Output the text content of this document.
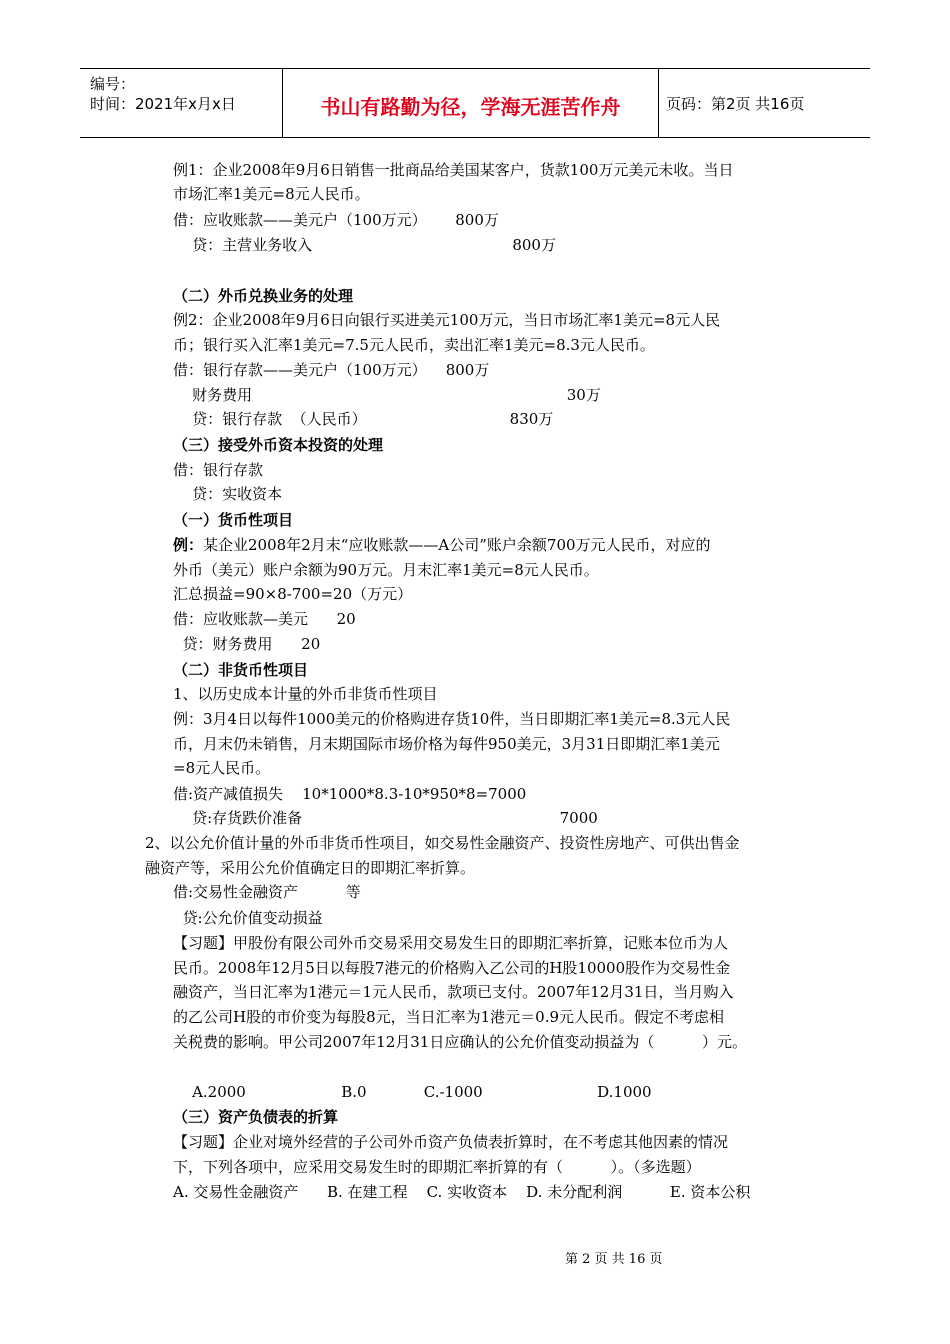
编号：
时间：2021年x月x日	书山有路勤为径，学海无涯苦作舟	页码：第2页 共16页
例1：企业2008年9月6日销售一批商品给美国某客户，货款100万元美元未收。当日
市场汇率1美元=8元人民币。
借：应收账款——美元户（100万元）      800万
贷：主营业务收入                                          800万
（二）外币兑换业务的处理
例2：企业2008年9月6日向银行买进美元100万元，当日市场汇率1美元=8元人民
币；银行买入汇率1美元=7.5元人民币，卖出汇率1美元=8.3元人民币。
借：银行存款——美元户（100万元）    800万
财务费用                                                                  30万
贷：银行存款  （人民币）                              830万
（三）接受外币资本投资的处理
借：银行存款
贷：实收资本
（一）货币性项目
例：某企业2008年2月末“应收账款——A公司”账户余额700万元人民币，对应的
外币（美元）账户余额为90万元。月末汇率1美元=8元人民币。
汇总损益=90×8-700=20（万元）
借：应收账款—美元      20
贷：财务费用      20
（二）非货币性项目
1、以历史成本计量的外币非货币性项目
例：3月4日以每件1000美元的价格购进存货10件，当日即期汇率1美元=8.3元人民
币，月末仍未销售，月末期国际市场价格为每件950美元，3月31日即期汇率1美元
=8元人民币。
借:资产减值损失    10*1000*8.3-10*950*8=7000
贷:存货跌价准备                                                      7000
2、以公允价值计量的外币非货币性项目，如交易性金融资产、投资性房地产、可供出售金
融资产等，采用公允价值确定日的即期汇率折算。
借:交易性金融资产          等
贷:公允价值变动损益
【习题】甲股份有限公司外币交易采用交易发生日的即期汇率折算，记账本位币为人
民币。2008年12月5日以每股7港元的价格购入乙公司的H股10000股作为交易性金
融资产，当日汇率为1港元＝1元人民币，款项已支付。2007年12月31日，当月购入
的乙公司H股的市价变为每股8元，当日汇率为1港元＝0.9元人民币。假定不考虑相
关税费的影响。甲公司2007年12月31日应确认的公允价值变动损益为（          ）元。
A.2000                    B.0            C.-1000                        D.1000
（三）资产负债表的折算
【习题】企业对境外经营的子公司外币资产负债表折算时，在不考虑其他因素的情况
下，下列各项中，应采用交易发生时的即期汇率折算的有（          ）。（多选题）
A. 交易性金融资产      B. 在建工程    C. 实收资本    D. 未分配利润          E. 资本公积
第 2 页 共 16 页
